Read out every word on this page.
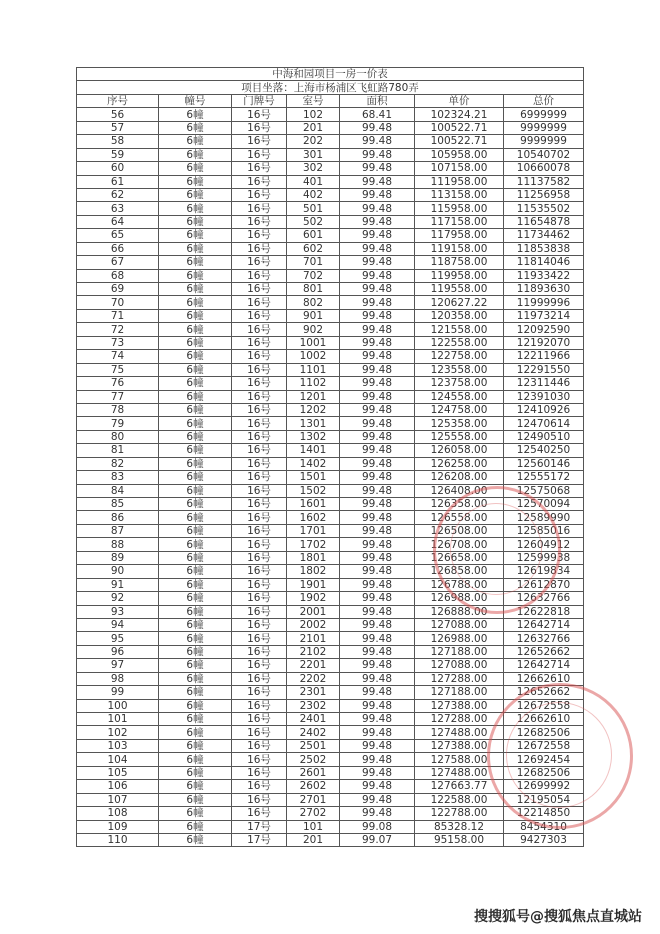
中海和园项目一房一价表						
项目坐落：上海市杨浦区飞虹路780弄						
序号	幢号	门牌号	室号	面积	单价	总价
56	6幢	16号	102	68.41	102324.21	6999999
57	6幢	16号	201	99.48	100522.71	9999999
58	6幢	16号	202	99.48	100522.71	9999999
59	6幢	16号	301	99.48	105958.00	10540702
60	6幢	16号	302	99.48	107158.00	10660078
61	6幢	16号	401	99.48	111958.00	11137582
62	6幢	16号	402	99.48	113158.00	11256958
63	6幢	16号	501	99.48	115958.00	11535502
64	6幢	16号	502	99.48	117158.00	11654878
65	6幢	16号	601	99.48	117958.00	11734462
66	6幢	16号	602	99.48	119158.00	11853838
67	6幢	16号	701	99.48	118758.00	11814046
68	6幢	16号	702	99.48	119958.00	11933422
69	6幢	16号	801	99.48	119558.00	11893630
70	6幢	16号	802	99.48	120627.22	11999996
71	6幢	16号	901	99.48	120358.00	11973214
72	6幢	16号	902	99.48	121558.00	12092590
73	6幢	16号	1001	99.48	122558.00	12192070
74	6幢	16号	1002	99.48	122758.00	12211966
75	6幢	16号	1101	99.48	123558.00	12291550
76	6幢	16号	1102	99.48	123758.00	12311446
77	6幢	16号	1201	99.48	124558.00	12391030
78	6幢	16号	1202	99.48	124758.00	12410926
79	6幢	16号	1301	99.48	125358.00	12470614
80	6幢	16号	1302	99.48	125558.00	12490510
81	6幢	16号	1401	99.48	126058.00	12540250
82	6幢	16号	1402	99.48	126258.00	12560146
83	6幢	16号	1501	99.48	126208.00	12555172
84	6幢	16号	1502	99.48	126408.00	12575068
85	6幢	16号	1601	99.48	126358.00	12570094
86	6幢	16号	1602	99.48	126558.00	12589990
87	6幢	16号	1701	99.48	126508.00	12585016
88	6幢	16号	1702	99.48	126708.00	12604912
89	6幢	16号	1801	99.48	126658.00	12599938
90	6幢	16号	1802	99.48	126858.00	12619834
91	6幢	16号	1901	99.48	126788.00	12612870
92	6幢	16号	1902	99.48	126988.00	12632766
93	6幢	16号	2001	99.48	126888.00	12622818
94	6幢	16号	2002	99.48	127088.00	12642714
95	6幢	16号	2101	99.48	126988.00	12632766
96	6幢	16号	2102	99.48	127188.00	12652662
97	6幢	16号	2201	99.48	127088.00	12642714
98	6幢	16号	2202	99.48	127288.00	12662610
99	6幢	16号	2301	99.48	127188.00	12652662
100	6幢	16号	2302	99.48	127388.00	12672558
101	6幢	16号	2401	99.48	127288.00	12662610
102	6幢	16号	2402	99.48	127488.00	12682506
103	6幢	16号	2501	99.48	127388.00	12672558
104	6幢	16号	2502	99.48	127588.00	12692454
105	6幢	16号	2601	99.48	127488.00	12682506
106	6幢	16号	2602	99.48	127663.77	12699992
107	6幢	16号	2701	99.48	122588.00	12195054
108	6幢	16号	2702	99.48	122788.00	12214850
109	6幢	17号	101	99.08	85328.12	8454310
110	6幢	17号	201	99.07	95158.00	9427303
搜搜狐号@搜狐焦点直城站
